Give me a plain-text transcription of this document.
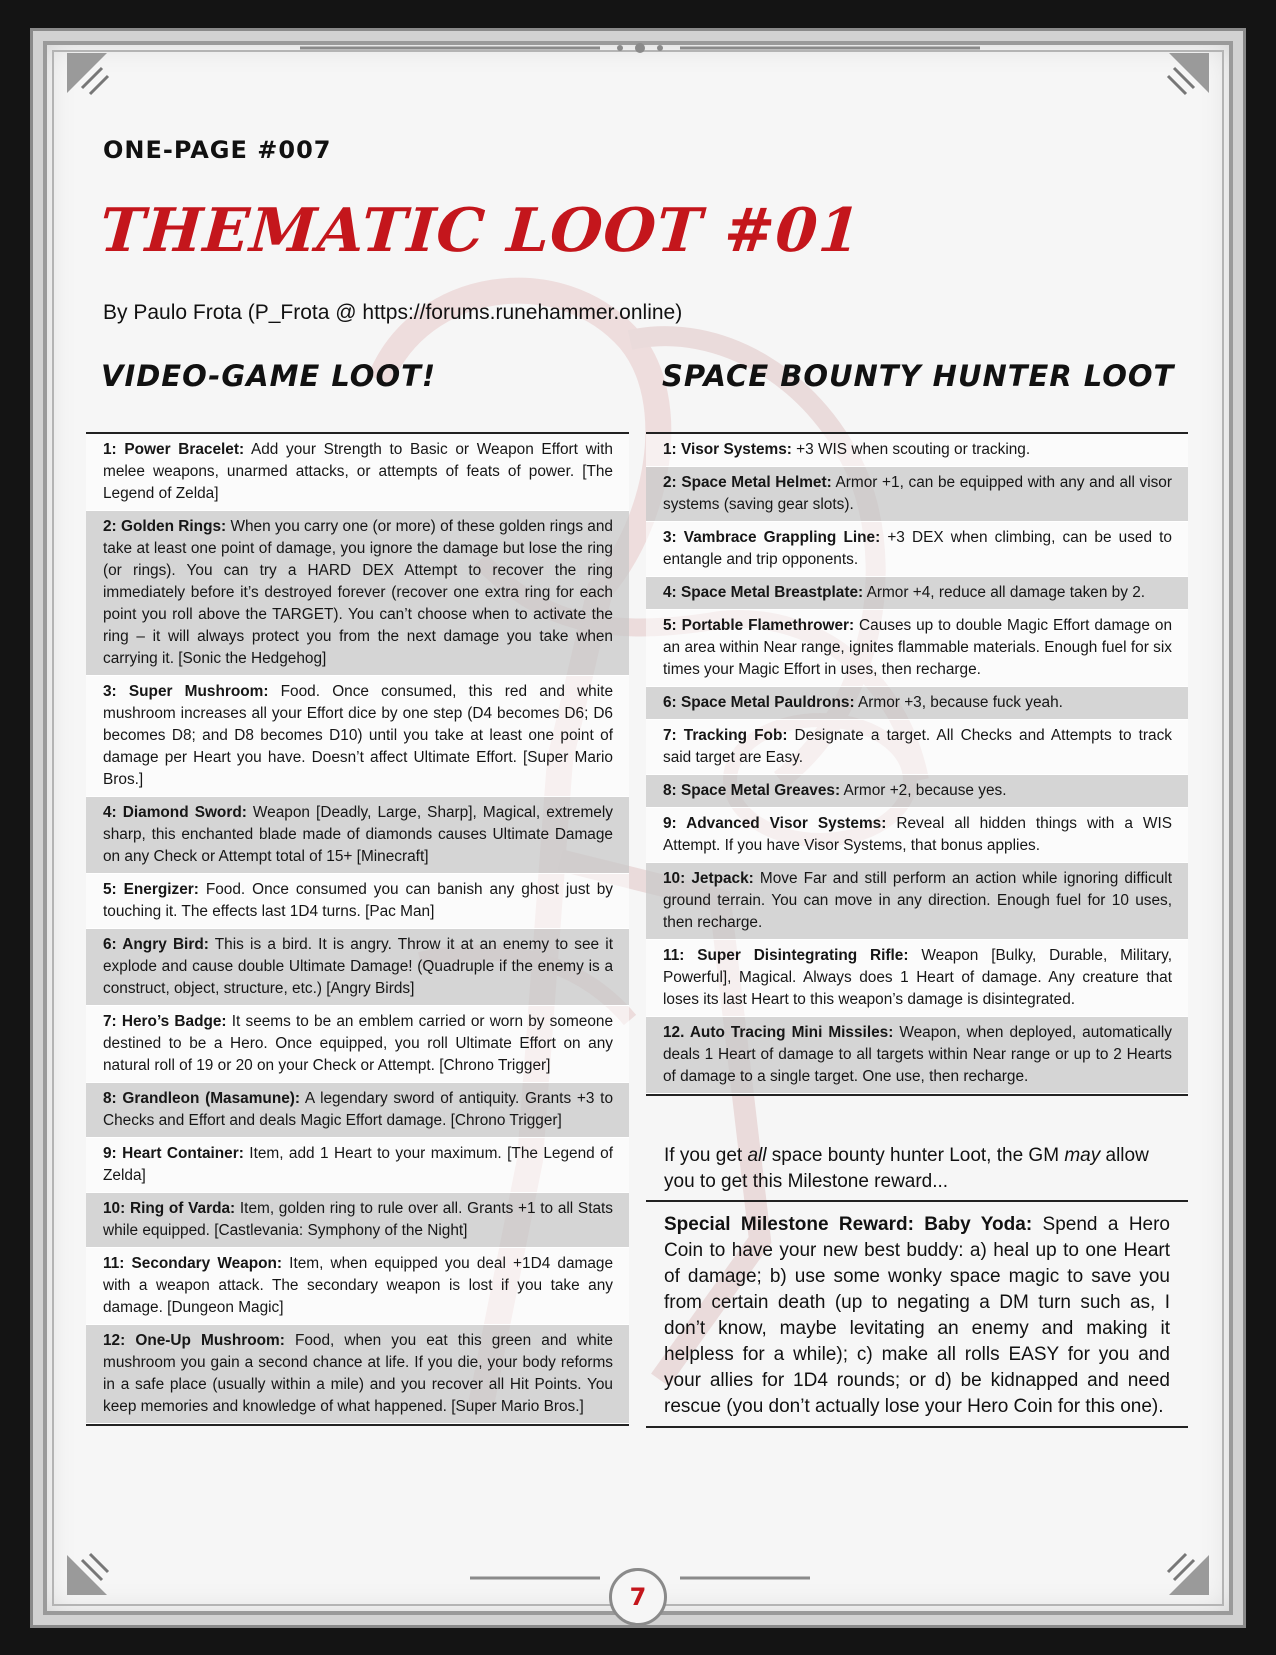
ONE-PAGE #007
THEMATIC LOOT #01
By Paulo Frota (P_Frota @ https://forums.runehammer.online)
VIDEO-GAME LOOT!	SPACE BOUNTY HUNTER LOOT
1: Power Bracelet: Add your Strength to Basic or Weapon Effort with melee weapons, unarmed attacks, or attempts of feats of power. [The Legend of Zelda]
2: Golden Rings: When you carry one (or more) of these golden rings and take at least one point of damage, you ignore the damage but lose the ring (or rings). You can try a HARD DEX Attempt to recover the ring immediately before it’s destroyed forever (recover one extra ring for each point you roll above the TARGET). You can’t choose when to activate the ring – it will always protect you from the next damage you take when carrying it. [Sonic the Hedgehog]
3: Super Mushroom: Food. Once consumed, this red and white mushroom increases all your Effort dice by one step (D4 becomes D6; D6 becomes D8; and D8 becomes D10) until you take at least one point of damage per Heart you have. Doesn’t affect Ultimate Effort. [Super Mario Bros.]
4: Diamond Sword: Weapon [Deadly, Large, Sharp], Magical, extremely sharp, this enchanted blade made of diamonds causes Ultimate Damage on any Check or Attempt total of 15+ [Minecraft]
5: Energizer: Food. Once consumed you can banish any ghost just by touching it. The effects last 1D4 turns. [Pac Man]
6: Angry Bird: This is a bird. It is angry. Throw it at an enemy to see it explode and cause double Ultimate Damage! (Quadruple if the enemy is a construct, object, structure, etc.) [Angry Birds]
7: Hero’s Badge: It seems to be an emblem carried or worn by someone destined to be a Hero. Once equipped, you roll Ultimate Effort on any natural roll of 19 or 20 on your Check or Attempt. [Chrono Trigger]
8: Grandleon (Masamune): A legendary sword of antiquity. Grants +3 to Checks and Effort and deals Magic Effort damage. [Chrono Trigger]
9: Heart Container: Item, add 1 Heart to your maximum. [The Legend of Zelda]
10: Ring of Varda: Item, golden ring to rule over all. Grants +1 to all Stats while equipped. [Castlevania: Symphony of the Night]
11: Secondary Weapon: Item, when equipped you deal +1D4 damage with a weapon attack. The secondary weapon is lost if you take any damage. [Dungeon Magic]
12: One-Up Mushroom: Food, when you eat this green and white mushroom you gain a second chance at life. If you die, your body reforms in a safe place (usually within a mile) and you recover all Hit Points. You keep memories and knowledge of what happened. [Super Mario Bros.]
1: Visor Systems: +3 WIS when scouting or tracking.
2: Space Metal Helmet: Armor +1, can be equipped with any and all visor systems (saving gear slots).
3: Vambrace Grappling Line: +3 DEX when climbing, can be used to entangle and trip opponents.
4: Space Metal Breastplate: Armor +4, reduce all damage taken by 2.
5: Portable Flamethrower: Causes up to double Magic Effort damage on an area within Near range, ignites flammable materials. Enough fuel for six times your Magic Effort in uses, then recharge.
6: Space Metal Pauldrons: Armor +3, because fuck yeah.
7: Tracking Fob: Designate a target. All Checks and Attempts to track said target are Easy.
8: Space Metal Greaves: Armor +2, because yes.
9: Advanced Visor Systems: Reveal all hidden things with a WIS Attempt. If you have Visor Systems, that bonus applies.
10: Jetpack: Move Far and still perform an action while ignoring difficult ground terrain. You can move in any direction. Enough fuel for 10 uses, then recharge.
11: Super Disintegrating Rifle: Weapon [Bulky, Durable, Military, Powerful], Magical. Always does 1 Heart of damage. Any creature that loses its last Heart to this weapon’s damage is disintegrated.
12. Auto Tracing Mini Missiles: Weapon, when deployed, automatically deals 1 Heart of damage to all targets within Near range or up to 2 Hearts of damage to a single target. One use, then recharge.
If you get all space bounty hunter Loot, the GM may allow you to get this Milestone reward...
Special Milestone Reward: Baby Yoda: Spend a Hero Coin to have your new best buddy: a) heal up to one Heart of damage; b) use some wonky space magic to save you from certain death (up to negating a DM turn such as, I don’t know, maybe levitating an enemy and making it helpless for a while); c) make all rolls EASY for you and your allies for 1D4 rounds; or d) be kidnapped and need rescue (you don’t actually lose your Hero Coin for this one).
7
